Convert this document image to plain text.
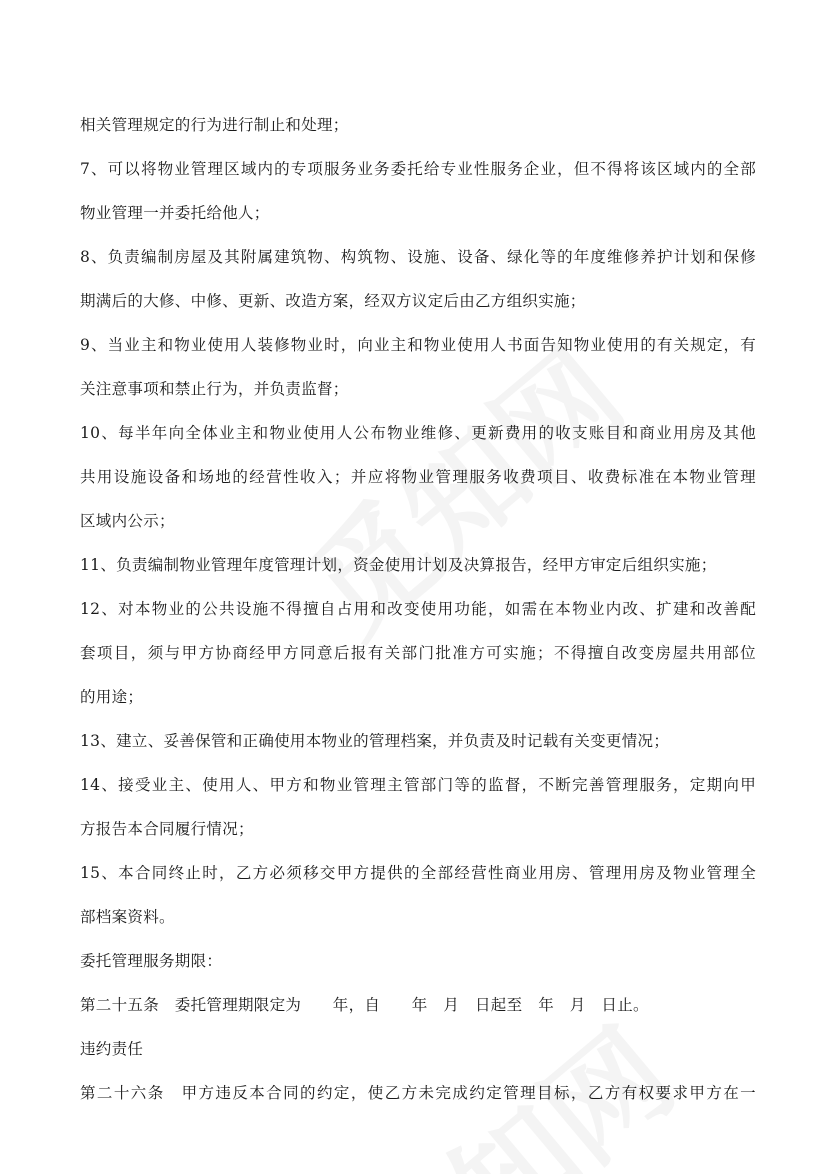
相关管理规定的行为进行制止和处理；
7、可以将物业管理区域内的专项服务业务委托给专业性服务企业，但不得将该区域内的全部
物业管理一并委托给他人；
8、负责编制房屋及其附属建筑物、构筑物、设施、设备、绿化等的年度维修养护计划和保修
期满后的大修、中修、更新、改造方案，经双方议定后由乙方组织实施；
9、当业主和物业使用人装修物业时，向业主和物业使用人书面告知物业使用的有关规定，有
关注意事项和禁止行为，并负责监督；
10、每半年向全体业主和物业使用人公布物业维修、更新费用的收支账目和商业用房及其他
共用设施设备和场地的经营性收入；并应将物业管理服务收费项目、收费标准在本物业管理
区域内公示；
11、负责编制物业管理年度管理计划，资金使用计划及决算报告，经甲方审定后组织实施；
12、对本物业的公共设施不得擅自占用和改变使用功能，如需在本物业内改、扩建和改善配
套项目，须与甲方协商经甲方同意后报有关部门批准方可实施；不得擅自改变房屋共用部位
的用途；
13、建立、妥善保管和正确使用本物业的管理档案，并负责及时记载有关变更情况；
14、接受业主、使用人、甲方和物业管理主管部门等的监督，不断完善管理服务，定期向甲
方报告本合同履行情况；
15、本合同终止时，乙方必须移交甲方提供的全部经营性商业用房、管理用房及物业管理全
部档案资料。
委托管理服务期限：
第二十五条　委托管理期限定为　　年，自　　年　月　日起至　年　月　日止。
违约责任
第二十六条　甲方违反本合同的约定，使乙方未完成约定管理目标，乙方有权要求甲方在一
